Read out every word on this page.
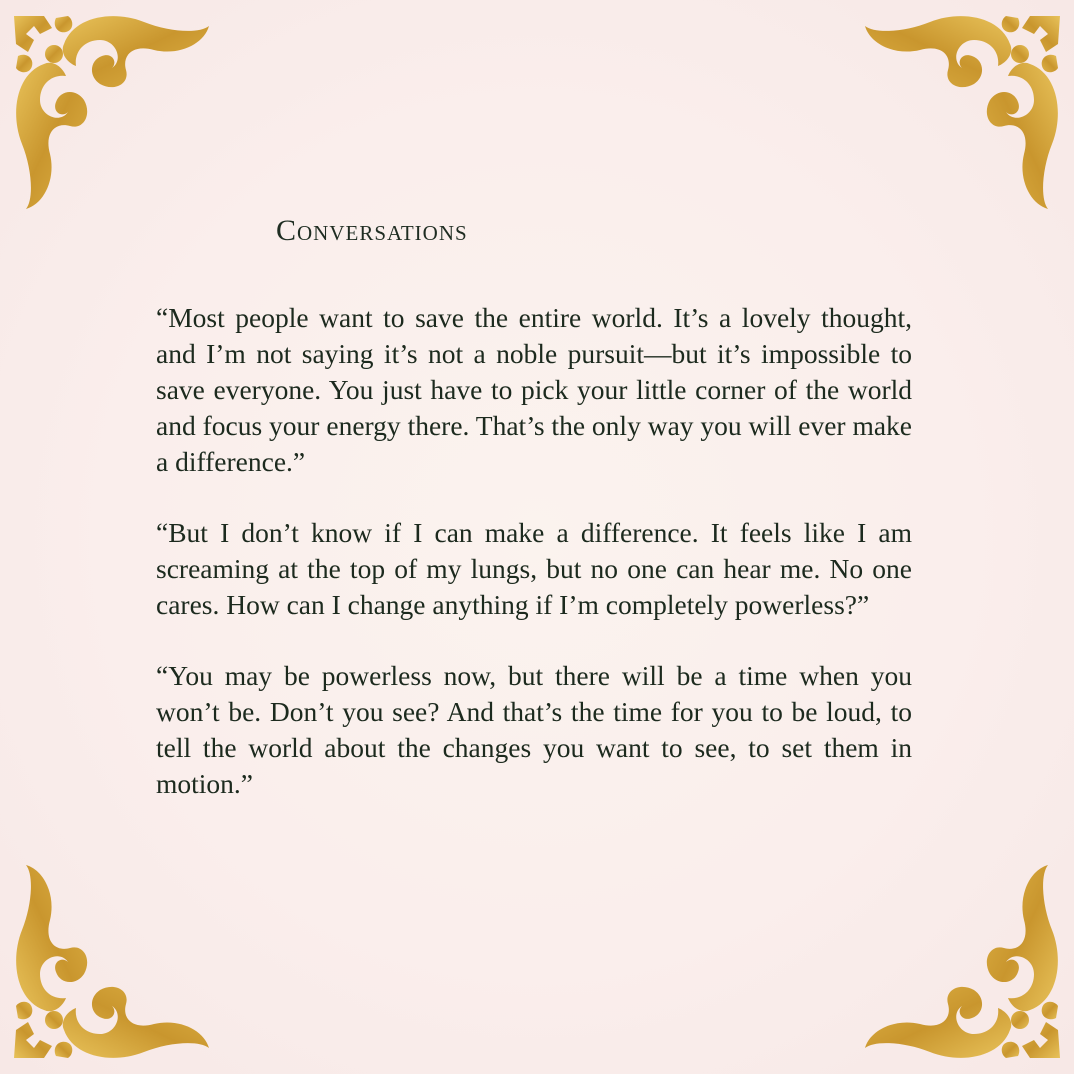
Conversations

“Most people want to save the entire world. It’s a lovely thought, and I’m not saying it’s not a noble pursuit—but it’s impossible to save everyone. You just have to pick your little corner of the world and focus your energy there. That’s the only way you will ever make a difference.”

“But I don’t know if I can make a difference. It feels like I am screaming at the top of my lungs, but no one can hear me. No one cares. How can I change anything if I’m completely powerless?”

“You may be powerless now, but there will be a time when you won’t be. Don’t you see? And that’s the time for you to be loud, to tell the world about the changes you want to see, to set them in motion.”
